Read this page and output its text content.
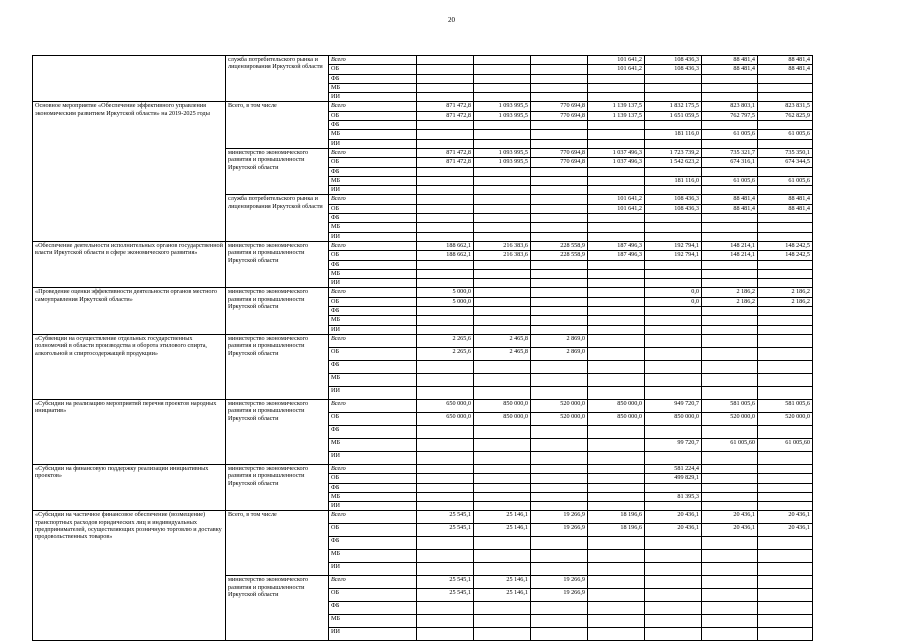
20
	служба потребительского рынка и лицензирования Иркутской области	Всего				101 641,2	108 436,3	88 481,4	88 481,4
		ОБ				101 641,2	108 436,3	88 481,4	88 481,4
		ФБ							
		МБ							
		ИИ							
Основное мероприятие «Обеспечение эффективного управления экономическим развитием Иркутской области» на 2019-2025 годы	Всего, в том числе	Всего	871 472,8	1 093 995,5	770 694,8	1 139 137,5	1 832 175,5	823 803,1	823 831,5
		ОБ	871 472,8	1 093 995,5	770 694,8	1 139 137,5	1 651 059,5	762 797,5	762 825,9
		ФБ							
		МБ					181 116,0	61 005,6	61 005,6
		ИИ							
	министерство экономического развития и промышленности Иркутской области	Всего	871 472,8	1 093 995,5	770 694,8	1 037 496,3	1 723 739,2	735 321,7	735 350,1
		ОБ	871 472,8	1 093 995,5	770 694,8	1 037 496,3	1 542 623,2	674 316,1	674 344,5
		ФБ							
		МБ					181 116,0	61 005,6	61 005,6
		ИИ							
	служба потребительского рынка и лицензирования Иркутской области	Всего				101 641,2	108 436,3	88 481,4	88 481,4
		ОБ				101 641,2	108 436,3	88 481,4	88 481,4
		ФБ							
		МБ							
		ИИ							
«Обеспечение деятельности исполнительных органов государственной власти Иркутской области в сфере экономического развития»	министерство экономического развития и промышленности Иркутской области	Всего	188 662,1	216 383,6	228 558,9	187 496,3	192 794,1	148 214,1	148 242,5
		ОБ	188 662,1	216 383,6	228 558,9	187 496,3	192 794,1	148 214,1	148 242,5
		ФБ							
		МБ							
		ИИ							
«Проведение оценки эффективности деятельности органов местного самоуправления Иркутской области»	министерство экономического развития и промышленности Иркутской области	Всего	5 000,0				0,0	2 186,2	2 186,2
		ОБ	5 000,0				0,0	2 186,2	2 186,2
		ФБ							
		МБ							
		ИИ							
«Субвенции на осуществление отдельных государственных полномочий в области производства и оборота этилового спирта, алкогольной и спиртосодержащей продукции»	министерство экономического развития и промышленности Иркутской области	Всего	2 265,6	2 465,8	2 869,0				
		ОБ	2 265,6	2 465,8	2 869,0				
		ФБ							
		МБ							
		ИИ							
«Субсидии на реализацию мероприятий перечня проектов народных инициатив»	министерство экономического развития и промышленности Иркутской области	Всего	650 000,0	850 000,0	520 000,0	850 000,0	949 720,7	581 005,6	581 005,6
		ОБ	650 000,0	850 000,0	520 000,0	850 000,0	850 000,0	520 000,0	520 000,0
		ФБ							
		МБ					99 720,7	61 005,60	61 005,60
		ИИ							
«Субсидии на финансовую поддержку реализации инициативных проектов»	министерство экономического развития и промышленности Иркутской области	Всего					581 224,4		
		ОБ					499 829,1		
		ФБ							
		МБ					81 395,3		
		ИИ							
«Субсидии на частичное финансовое обеспечение (возмещение) транспортных расходов юридических лиц и индивидуальных предпринимателей, осуществляющих розничную торговлю и доставку продовольственных товаров»	Всего, в том числе	Всего	25 545,1	25 146,1	19 266,9	18 196,6	20 436,1	20 436,1	20 436,1
		ОБ	25 545,1	25 146,1	19 266,9	18 196,6	20 436,1	20 436,1	20 436,1
		ФБ							
		МБ							
		ИИ							
	министерство экономического развития и промышленности Иркутской области	Всего	25 545,1	25 146,1	19 266,9				
		ОБ	25 545,1	25 146,1	19 266,9				
		ФБ							
		МБ							
		ИИ							
